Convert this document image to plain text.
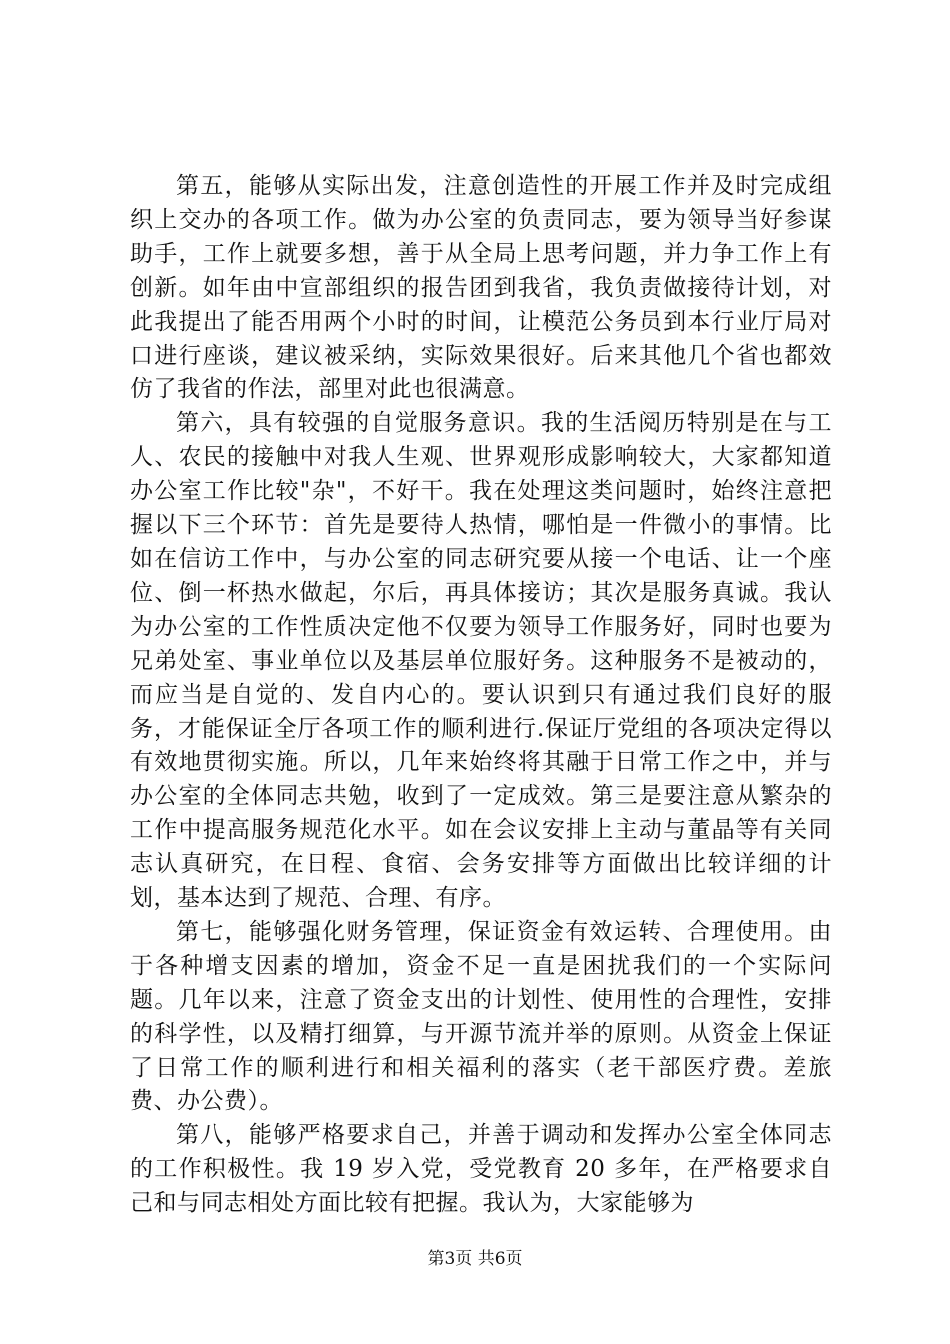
第五，能够从实际出发，注意创造性的开展工作并及时完成组织上交办的各项工作。做为办公室的负责同志，要为领导当好参谋助手，工作上就要多想，善于从全局上思考问题，并力争工作上有创新。如年由中宣部组织的报告团到我省，我负责做接待计划，对此我提出了能否用两个小时的时间，让模范公务员到本行业厅局对口进行座谈，建议被采纳，实际效果很好。后来其他几个省也都效仿了我省的作法，部里对此也很满意。

第六，具有较强的自觉服务意识。我的生活阅历特别是在与工人、农民的接触中对我人生观、世界观形成影响较大，大家都知道办公室工作比较"杂"，不好干。我在处理这类问题时，始终注意把握以下三个环节：首先是要待人热情，哪怕是一件微小的事情。比如在信访工作中，与办公室的同志研究要从接一个电话、让一个座位、倒一杯热水做起，尔后，再具体接访；其次是服务真诚。我认为办公室的工作性质决定他不仅要为领导工作服务好，同时也要为兄弟处室、事业单位以及基层单位服好务。这种服务不是被动的，而应当是自觉的、发自内心的。要认识到只有通过我们良好的服务，才能保证全厅各项工作的顺利进行.保证厅党组的各项决定得以有效地贯彻实施。所以，几年来始终将其融于日常工作之中，并与办公室的全体同志共勉，收到了一定成效。第三是要注意从繁杂的工作中提高服务规范化水平。如在会议安排上主动与董晶等有关同志认真研究，在日程、食宿、会务安排等方面做出比较详细的计划，基本达到了规范、合理、有序。

第七，能够强化财务管理，保证资金有效运转、合理使用。由于各种增支因素的增加，资金不足一直是困扰我们的一个实际问题。几年以来，注意了资金支出的计划性、使用性的合理性，安排的科学性，以及精打细算，与开源节流并举的原则。从资金上保证了日常工作的顺利进行和相关福利的落实（老干部医疗费。差旅费、办公费）。

第八，能够严格要求自己，并善于调动和发挥办公室全体同志的工作积极性。我 19 岁入党，受党教育 20 多年，在严格要求自己和与同志相处方面比较有把握。我认为，大家能够为

第3页 共6页
